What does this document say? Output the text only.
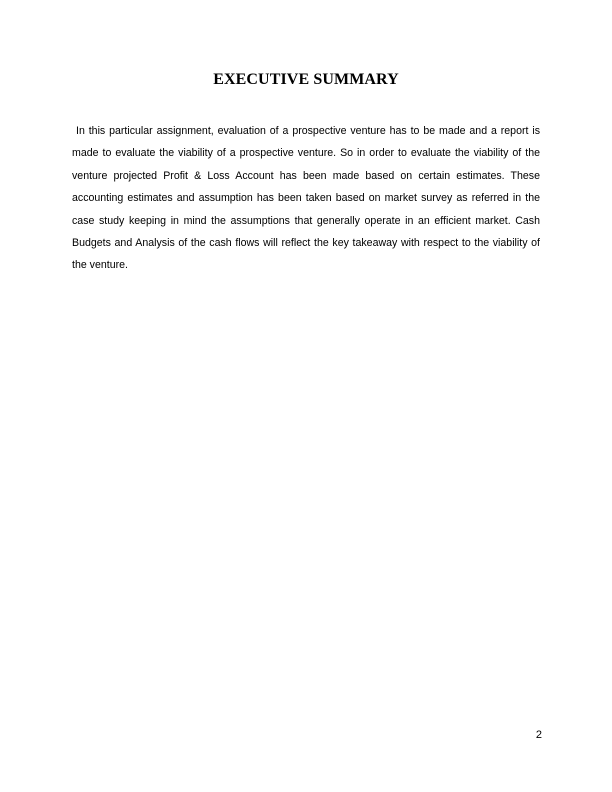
EXECUTIVE SUMMARY

In this particular assignment, evaluation of a prospective venture has to be made and a report is made to evaluate the viability of a prospective venture. So in order to evaluate the viability of the venture projected Profit & Loss Account has been made based on certain estimates. These accounting estimates and assumption has been taken based on market survey as referred in the case study keeping in mind the assumptions that generally operate in an efficient market. Cash Budgets and Analysis of the cash flows will reflect the key takeaway with respect to the viability of the venture.

2
